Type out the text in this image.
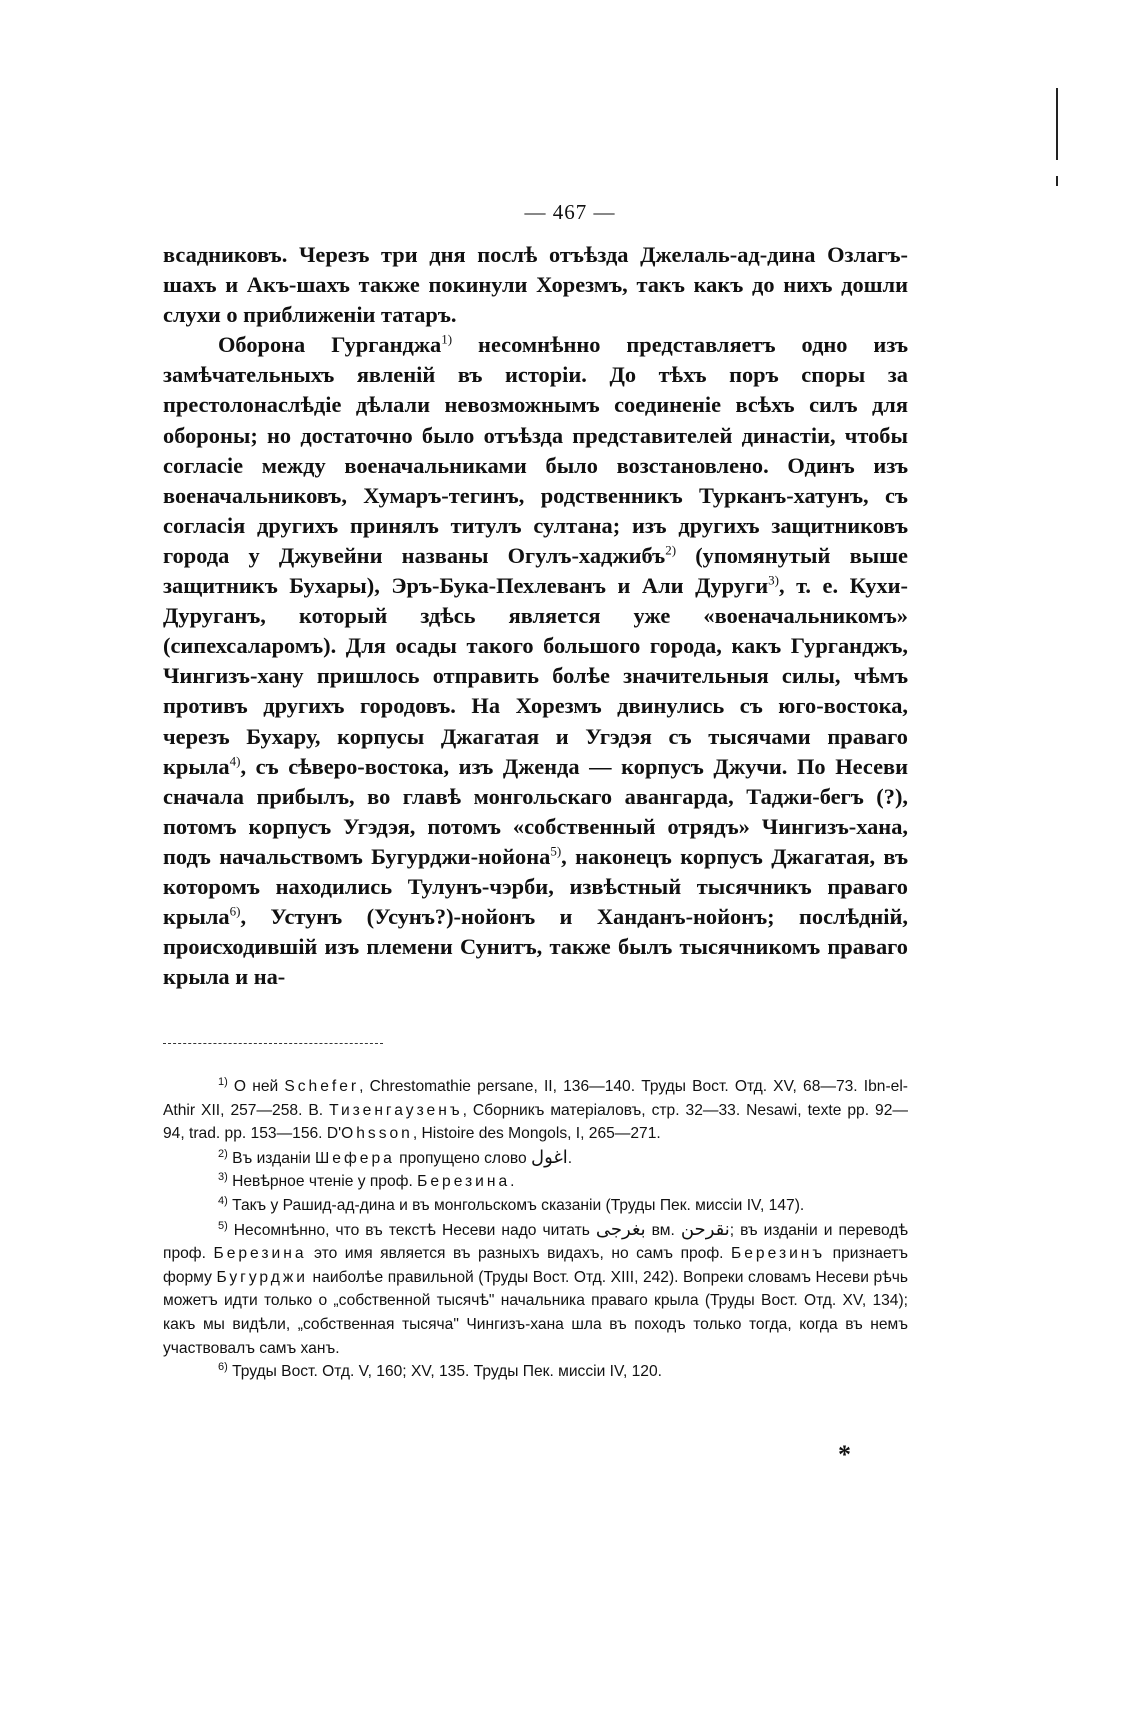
— 467 —

всадниковъ. Черезъ три дня послѣ отъѣзда Джелаль-ад-дина Озлагъ-шахъ и Акъ-шахъ также покинули Хорезмъ, такъ какъ до нихъ дошли слухи о приближеніи татаръ.

Оборона Гурганджа$^{1)}$ несомнѣнно представляетъ одно изъ замѣчательныхъ явленій въ исторіи. До тѣхъ поръ споры за престолонаслѣдіе дѣлали невозможнымъ соединеніе всѣхъ силъ для обороны; но достаточно было отъѣзда представителей династіи, чтобы согласіе между военачальниками было возстановлено. Одинъ изъ военачальниковъ, Хумаръ-тегинъ, родственникъ Турканъ-хатунъ, съ согласія другихъ принялъ титулъ султана; изъ другихъ защитниковъ города у Джувейни названы Огулъ-хаджибъ$^{2)}$ (упомянутый выше защитникъ Бухары), Эръ-Бука-Пехлеванъ и Али Дуруги$^{3)}$, т. е. Кухи-Дуруганъ, который здѣсь является уже «военачальникомъ» (сипехсаларомъ). Для осады такого большого города, какъ Гурганджъ, Чингизъ-хану пришлось отправить болѣе значительныя силы, чѣмъ противъ другихъ городовъ. На Хорезмъ двинулись съ юго-востока, черезъ Бухару, корпусы Джагатая и Угэдэя съ тысячами праваго крыла$^{4)}$, съ сѣверо-востока, изъ Дженда — корпусъ Джучи. По Несеви сначала прибылъ, во главѣ монгольскаго авангарда, Таджи-бегъ (?), потомъ корпусъ Угэдэя, потомъ «собственный отрядъ» Чингизъ-хана, подъ начальствомъ Бугурджи-нойона$^{5)}$, наконецъ корпусъ Джагатая, въ которомъ находились Тулунъ-чэрби, извѣстный тысячникъ праваго крыла$^{6)}$, Устунъ (Усунъ?)-нойонъ и Ханданъ-нойонъ; послѣдній, происходившій изъ племени Сунитъ, также былъ тысячникомъ праваго крыла и на-

$^{1)}$ О ней Schefer, Chrestomathie persane, II, 136—140. Труды Вост. Отд. XV, 68—73. Ibn-el-Athir XII, 257—258. В. Тизенгаузенъ, Сборникъ матеріаловъ, стр. 32—33. Nesawi, texte pp. 92—94, trad. pp. 153—156. D'Ohsson, Histoire des Mongols, I, 265—271.

$^{2)}$ Въ изданіи Шефера пропущено слово اغول.

$^{3)}$ Невѣрное чтеніе у проф. Березина.

$^{4)}$ Такъ у Рашид-ад-дина и въ монгольскомъ сказаніи (Труды Пек. миссіи IV, 147).

$^{5)}$ Несомнѣнно, что въ текстѣ Несеви надо читать بغرجى вм. نقرحن; въ изданіи и переводѣ проф. Березина это имя является въ разныхъ видахъ, но самъ проф. Березинъ признаетъ форму Бугурджи наиболѣе правильной (Труды Вост. Отд. XIII, 242). Вопреки словамъ Несеви рѣчь можетъ идти только о „собственной тысячѣ" начальника праваго крыла (Труды Вост. Отд. XV, 134); какъ мы видѣли, „собственная тысяча" Чингизъ-хана шла въ походъ только тогда, когда въ немъ участвовалъ самъ ханъ.

$^{6)}$ Труды Вост. Отд. V, 160; XV, 135. Труды Пек. миссіи IV, 120.

*
